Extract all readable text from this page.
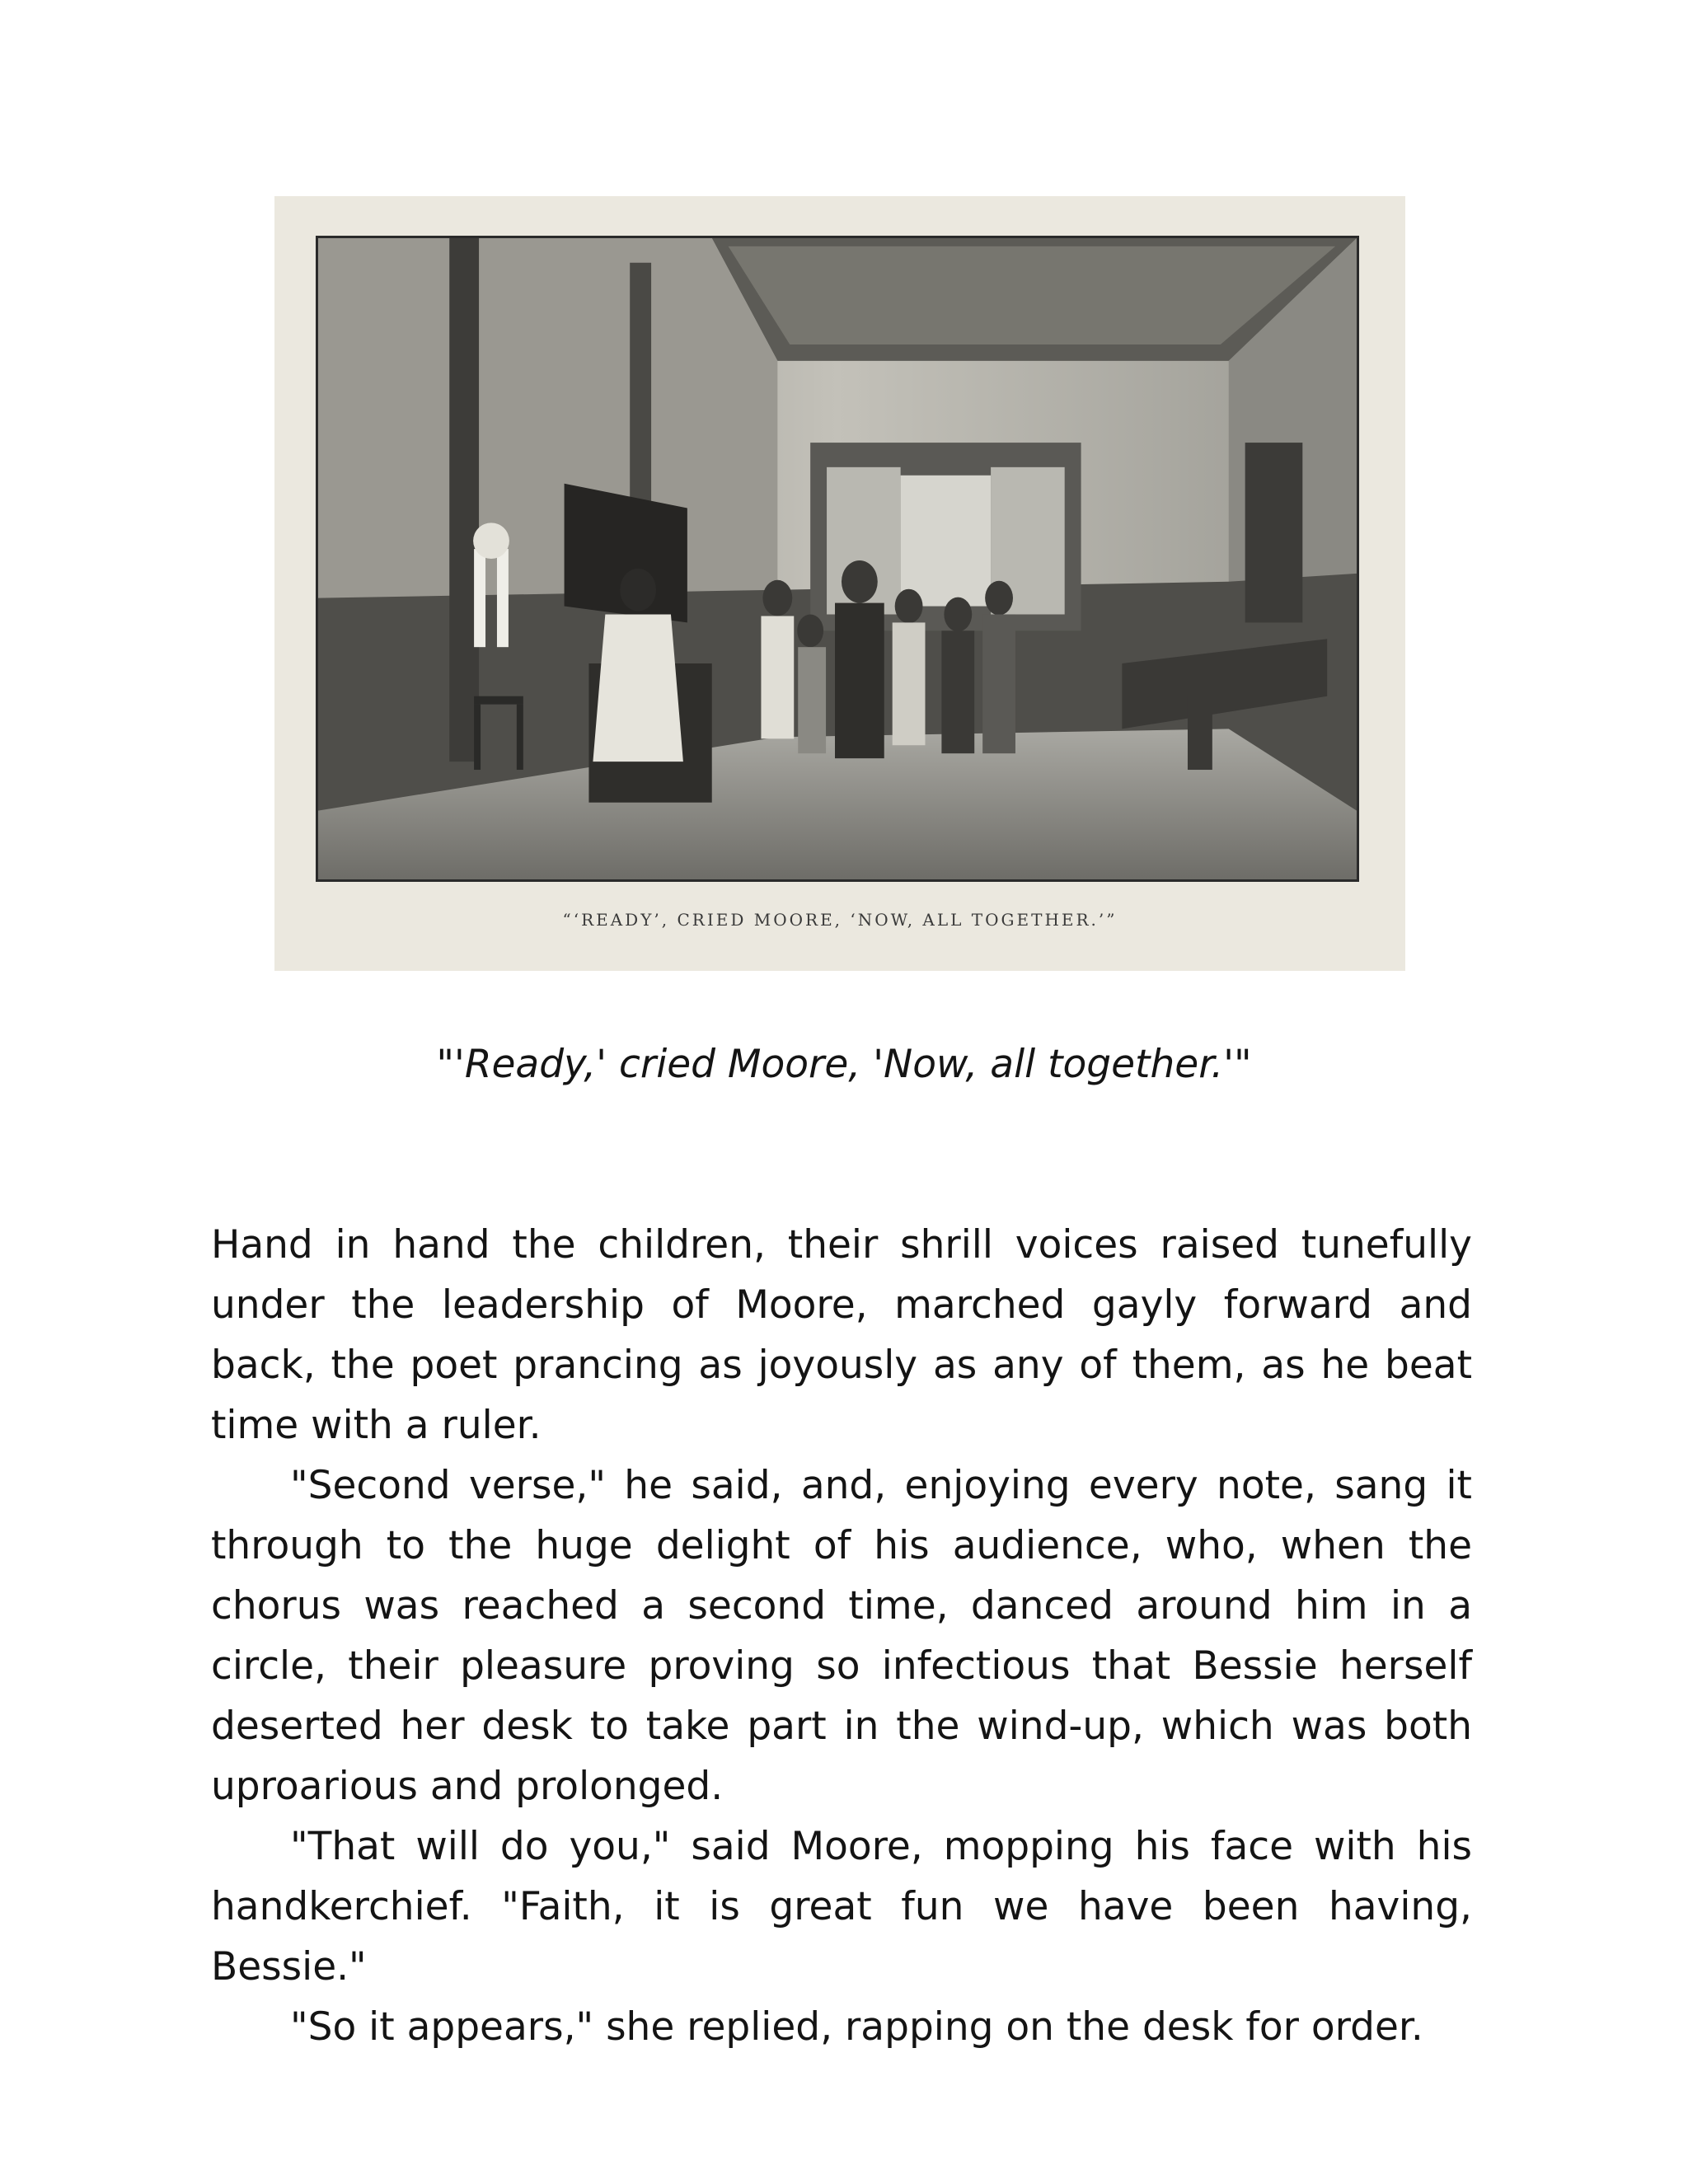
“‘READY’, CRIED MOORE, ‘NOW, ALL TOGETHER.’”
"'Ready,' cried Moore, 'Now, all together.'"

Hand in hand the children, their shrill voices raised tunefully under the leadership of Moore, marched gayly forward and back, the poet prancing as joyously as any of them, as he beat time with a ruler.

"Second verse," he said, and, enjoying every note, sang it through to the huge delight of his audience, who, when the chorus was reached a second time, danced around him in a circle, their pleasure proving so infectious that Bessie herself deserted her desk to take part in the wind-up, which was both uproarious and prolonged.

"That will do you," said Moore, mopping his face with his handkerchief. "Faith, it is great fun we have been having, Bessie."

"So it appears," she replied, rapping on the desk for order.
